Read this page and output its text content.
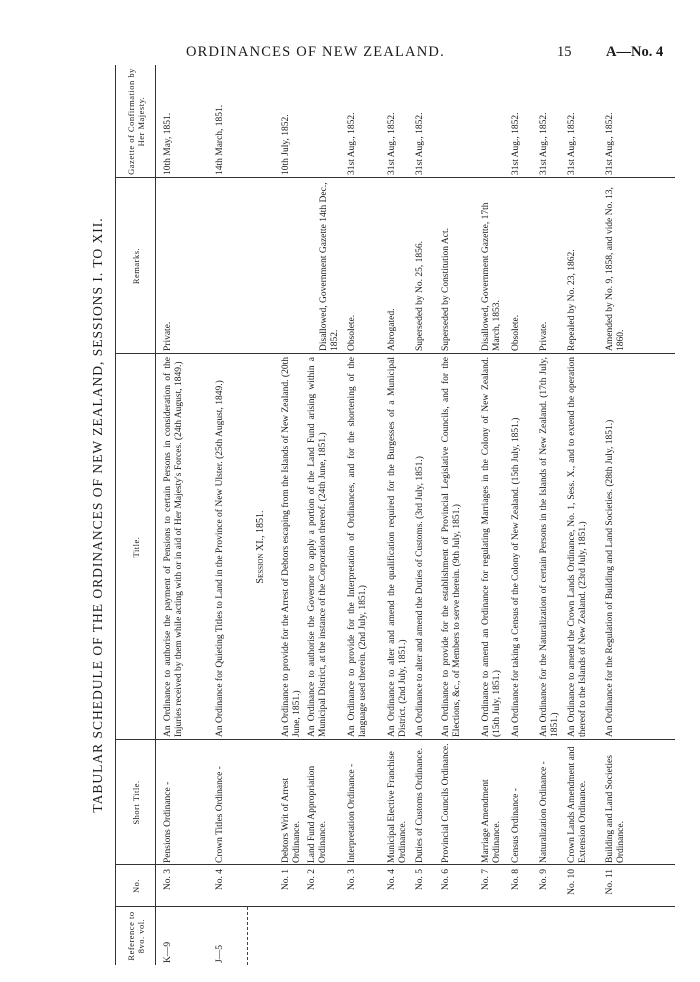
ORDINANCES OF NEW ZEALAND.	15 A—No. 4
TABULAR SCHEDULE OF THE ORDINANCES OF NEW ZEALAND, SESSIONS I. TO XII.
Reference to 8vo. vol.
No.
Short Title.
Title.
Remarks.
Gazette of Confirmation by Her Majesty.
K—9
No. 3
Pensions Ordinance -
An Ordinance to authorise the payment of Pensions to certain Persons in consideration of the Injuries received by them while acting with or in aid of Her Majesty's Forces. (24th August, 1849.)
Private.
10th May, 1851.
J—5
No. 4
Crown Titles Ordinance -
An Ordinance for Quieting Titles to Land in the Province of New Ulster. (25th August, 1849.)
14th March, 1851.
Session XI., 1851.
No. 1
Debtors Writ of Arrest Ordinance.
An Ordinance to provide for the Arrest of Debtors escaping from the Islands of New Zealand. (20th June, 1851.)
10th July, 1852.
No. 2
Land Fund Appropriation Ordinance.
An Ordinance to authorise the Governor to apply a portion of the Land Fund arising within a Municipal District, at the instance of the Corporation thereof. (24th June, 1851.)
Disallowed, Government Gazette 14th Dec., 1852.
No. 3
Interpretation Ordinance -
An Ordinance to provide for the Interpretation of Ordinances, and for the shortening of the language used therein. (2nd July, 1851.)
Obsolete.
31st Aug., 1852.
No. 4
Municipal Elective Franchise Ordinance.
An Ordinance to alter and amend the qualification required for the Burgesses of a Municipal District. (2nd July, 1851.)
Abrogated.
31st Aug., 1852.
No. 5
Duties of Customs Ordinance.
An Ordinance to alter and amend the Duties of Customs. (3rd July, 1851.)
Superseded by No. 25, 1856.
31st Aug., 1852.
No. 6
Provincial Councils Ordinance.
An Ordinance to provide for the establishment of Provincial Legislative Councils, and for the Elections, &c., of Members to serve therein. (9th July, 1851.)
Superseded by Constitution Act.
No. 7
Marriage Amendment Ordinance.
An Ordinance to amend an Ordinance for regulating Marriages in the Colony of New Zealand. (15th July, 1851.)
Disallowed, Government Gazette, 17th March, 1853.
No. 8
Census Ordinance -
An Ordinance for taking a Census of the Colony of New Zealand. (15th July, 1851.)
Obsolete.
31st Aug., 1852.
No. 9
Naturalization Ordinance -
An Ordinance for the Naturalization of certain Persons in the Islands of New Zealand. (17th July, 1851.)
Private.
31st Aug., 1852.
No. 10
Crown Lands Amendment and Extension Ordinance.
An Ordinance to amend the Crown Lands Ordinance, No. 1, Sess. X., and to extend the operation thereof to the Islands of New Zealand. (23rd July, 1851.)
Repealed by No. 23, 1862.
31st Aug., 1852.
No. 11
Building and Land Societies Ordinance.
An Ordinance for the Regulation of Building and Land Societies. (28th July, 1851.)
Amended by No. 9, 1858, and vide No. 13, 1860.
31st Aug., 1852.
